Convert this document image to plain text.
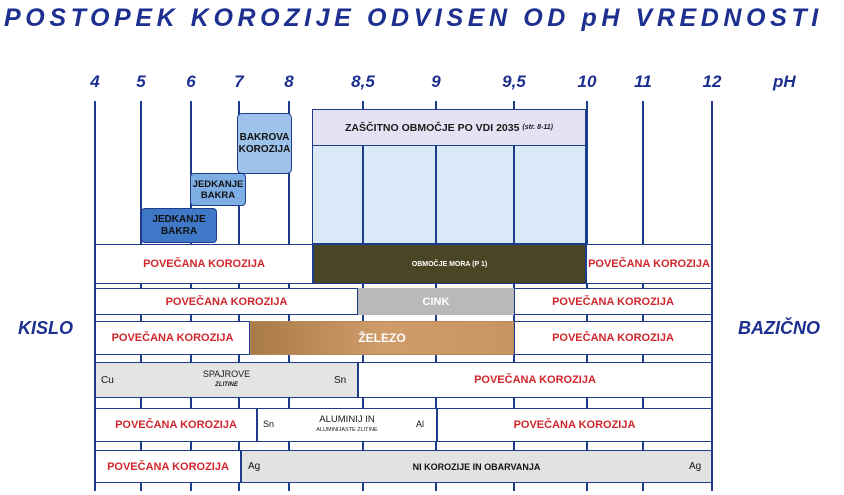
POSTOPEK KOROZIJE ODVISEN OD pH VREDNOSTI
4 5 6 7 8	8,5	9	9,5	10 11	12	pH
KISLO	BAZIČNO
ZAŠČITNO OBMOČJE PO VDI 2035
(str. 8-11)
BAKROVA KOROZIJA
JEDKANJE BAKRA
JEDKANJE BAKRA
POVEČANA KOROZIJA	OBMOČJE MORA (P 1)	POVEČANA KOROZIJA
POVEČANA KOROZIJA	CINK	POVEČANA KOROZIJA
POVEČANA KOROZIJA	ŽELEZO	POVEČANA KOROZIJA
SPAJROVE
ZLITINE
Cu	Sn	POVEČANA KOROZIJA
POVEČANA KOROZIJA	ALUMINIJ IN
ALUMINIJASTE ZLITINE
Sn	Al	POVEČANA KOROZIJA
POVEČANA KOROZIJA	NI KOROZIJE IN OBARVANJA
Ag	Ag
